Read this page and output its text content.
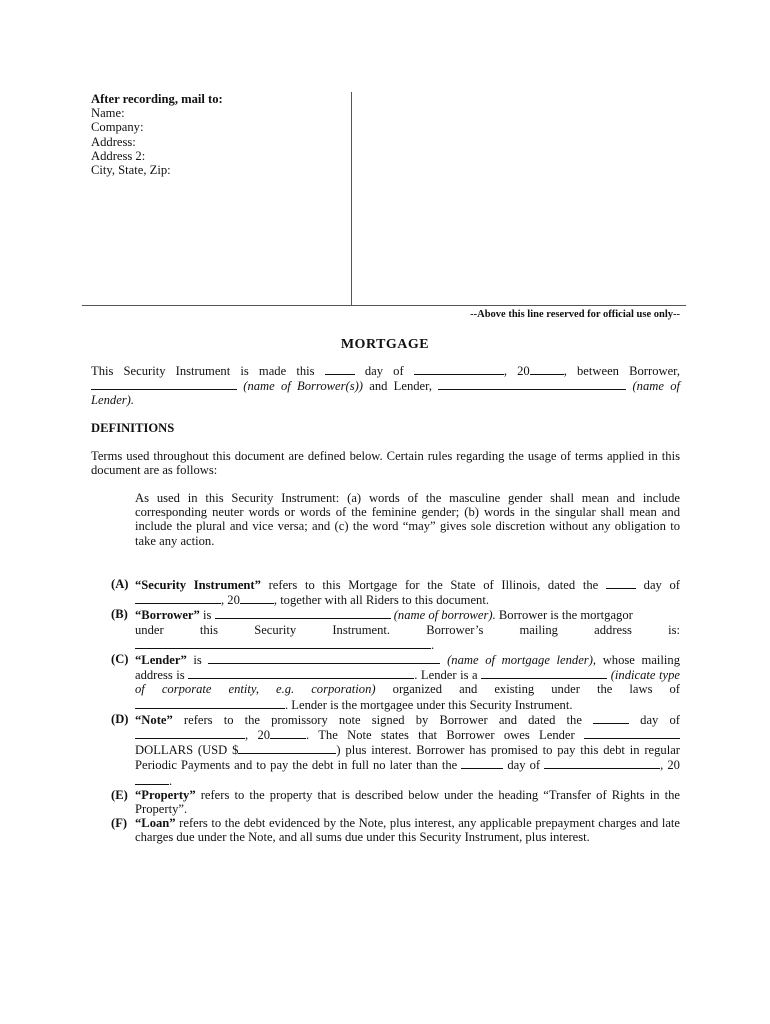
After recording, mail to:
Name:
Company:
Address:
Address 2:
City, State, Zip:
--Above this line reserved for official use only--
MORTGAGE
This Security Instrument is made this	day of	, 20	, between Borrower,  (name of Borrower(s)) and Lender,	(name of Lender).
DEFINITIONS
Terms used throughout this document are defined below. Certain rules regarding the usage of terms applied in this document are as follows:
As used in this Security Instrument: (a) words of the masculine gender shall mean and include corresponding neuter words or words of the feminine gender; (b) words in the singular shall mean and include the plural and vice versa; and (c) the word “may” gives sole discretion without any obligation to take any action.
(A) “Security Instrument” refers to this Mortgage for the State of Illinois, dated the	day of , 20	, together with all Riders to this document.
(B) “Borrower” is	(name of borrower). Borrower is the mortgagor
under this Security Instrument. Borrower’s mailing address is:
.
(C) “Lender” is	(name of mortgage lender), whose mailing address is	. Lender is a	(indicate type of corporate entity, e.g. corporation) organized and existing under the laws of . Lender is the mortgagee under this Security Instrument.
(D) “Note” refers to the promissory note signed by Borrower and dated the	day of , 20	. The Note states that Borrower owes Lender  DOLLARS (USD $	) plus interest. Borrower has promised to pay this debt in regular Periodic Payments and to pay the debt in full no later than the	day of	, 20.
(E) “Property” refers to the property that is described below under the heading “Transfer of Rights in the Property”.
(F) “Loan” refers to the debt evidenced by the Note, plus interest, any applicable prepayment charges and late charges due under the Note, and all sums due under this Security Instrument, plus interest.
